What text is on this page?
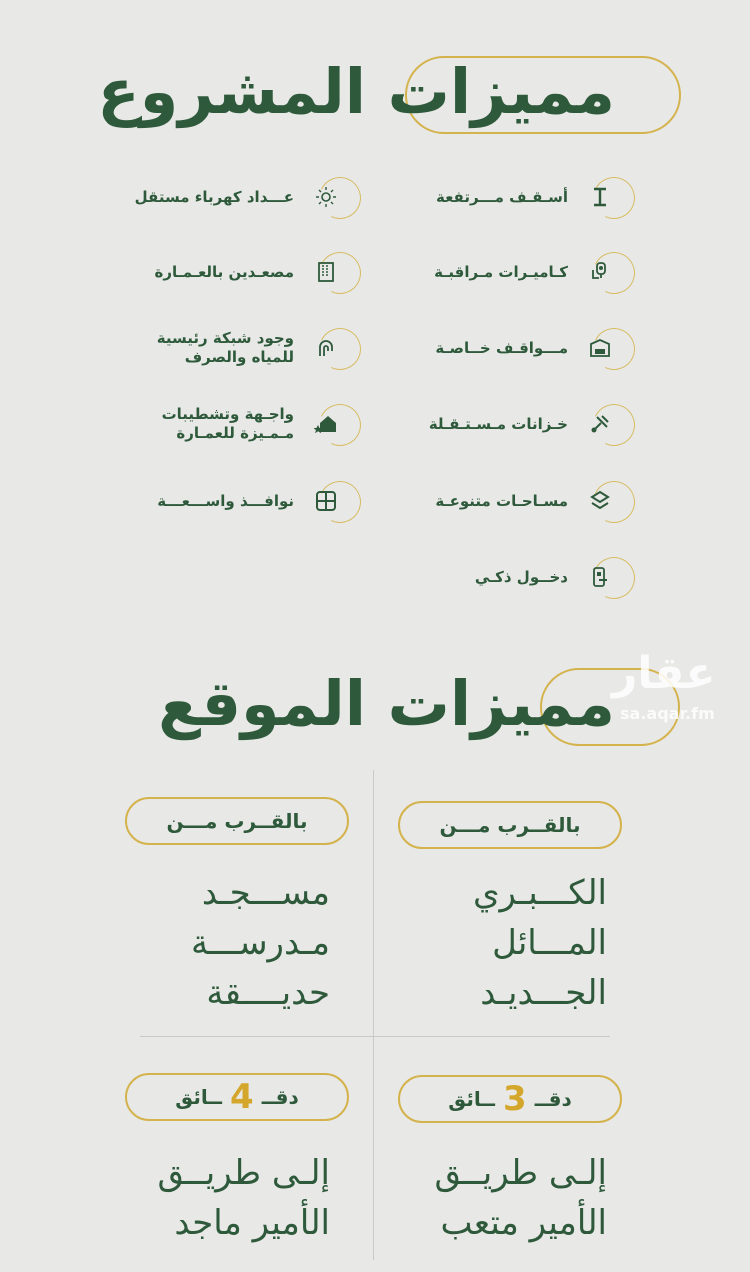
مميزات المشروع
أسـقـف مـــرتفعة
كـاميـرات مـراقبـة
مـــواقـف خــاصـة
خـزانات مـسـتـقـلة
مسـاحـات متنوعـة
دخــول ذكـي
عـــداد كهرباء مستقل
مصعـدين بالعـمـارة
وجود شبكة رئيسية
للمياه والصرف
واجـهة وتشطيبات
مـمـيزة للعمـارة
نوافـــذ واســـعـــة
مميزات الموقع
عقار
sa.aqar.fm
بالقــرب مـــن
الكـــبـري
المـــائل
الجـــديـد
دقــ
3
ــائق
إلـى طريــق
الأمير متعب
بالقــرب مـــن
مســـجـد
مـدرســـة
حديــــقة
دقــ
4
ــائق
إلـى طريــق
الأمير ماجد
